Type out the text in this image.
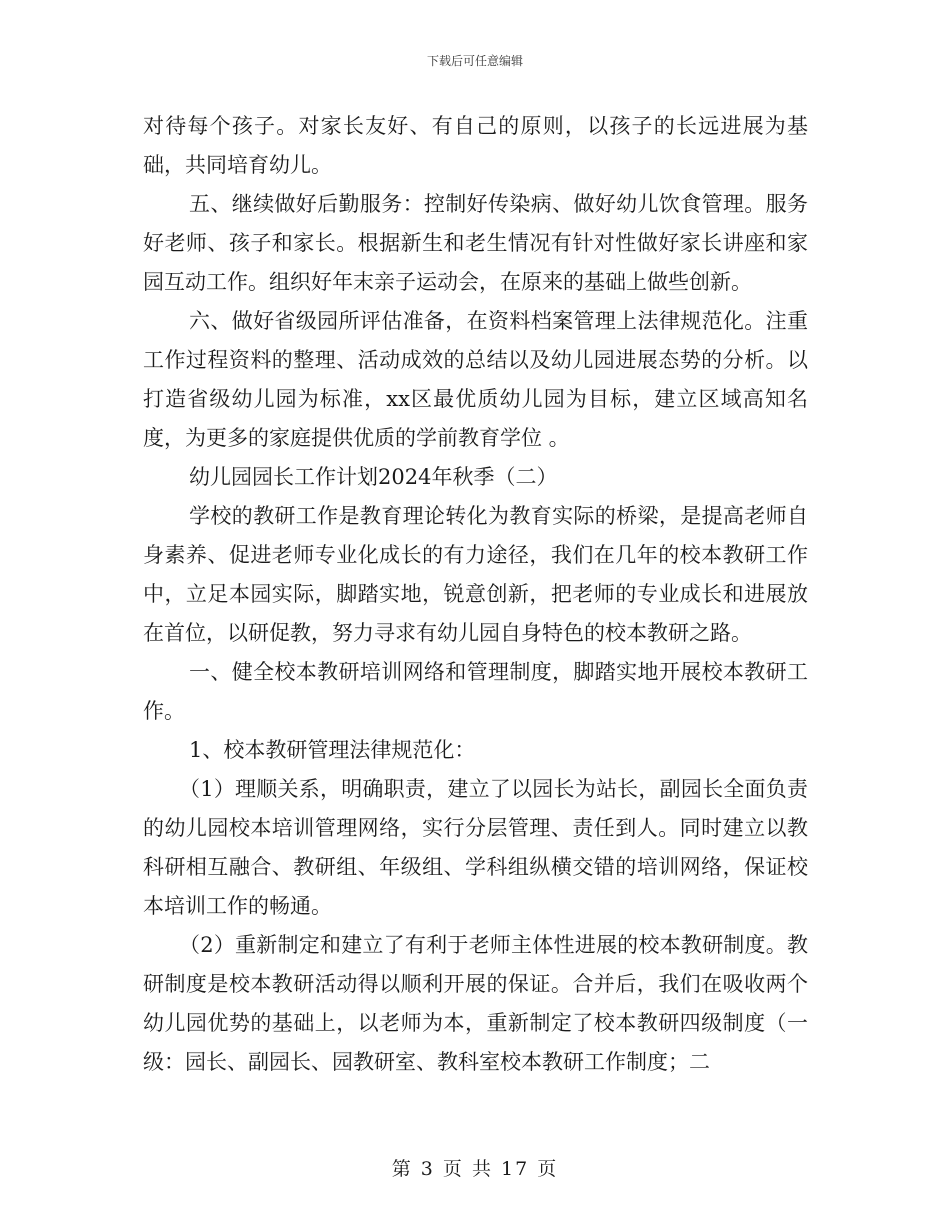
下载后可任意编辑

对待每个孩子。对家长友好、有自己的原则，以孩子的长远进展为基础，共同培育幼儿。

五、继续做好后勤服务：控制好传染病、做好幼儿饮食管理。服务好老师、孩子和家长。根据新生和老生情况有针对性做好家长讲座和家园互动工作。组织好年末亲子运动会，在原来的基础上做些创新。

六、做好省级园所评估准备，在资料档案管理上法律规范化。注重工作过程资料的整理、活动成效的总结以及幼儿园进展态势的分析。以打造省级幼儿园为标准，xx区最优质幼儿园为目标，建立区域高知名度，为更多的家庭提供优质的学前教育学位 。

幼儿园园长工作计划2024年秋季（二）

学校的教研工作是教育理论转化为教育实际的桥梁，是提高老师自身素养、促进老师专业化成长的有力途径，我们在几年的校本教研工作中，立足本园实际，脚踏实地，锐意创新，把老师的专业成长和进展放在首位，以研促教，努力寻求有幼儿园自身特色的校本教研之路。

一、健全校本教研培训网络和管理制度，脚踏实地开展校本教研工作。

1、校本教研管理法律规范化：

（1）理顺关系，明确职责，建立了以园长为站长，副园长全面负责的幼儿园校本培训管理网络，实行分层管理、责任到人。同时建立以教科研相互融合、教研组、年级组、学科组纵横交错的培训网络，保证校本培训工作的畅通。

（2）重新制定和建立了有利于老师主体性进展的校本教研制度。教研制度是校本教研活动得以顺利开展的保证。合并后，我们在吸收两个幼儿园优势的基础上，以老师为本，重新制定了校本教研四级制度（一级：园长、副园长、园教研室、教科室校本教研工作制度；二

第 3 页 共 17 页
